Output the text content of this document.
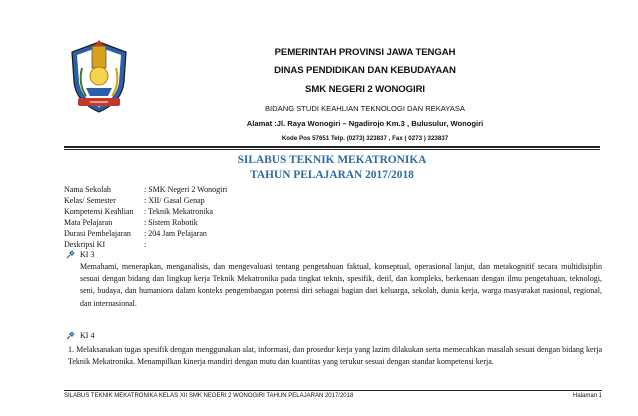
PEMERINTAH PROVINSI JAWA TENGAH
DINAS PENDIDIKAN DAN KEBUDAYAAN
SMK NEGERI 2 WONOGIRI
BIDANG STUDI KEAHLIAN TEKNOLOGI DAN REKAYASA
Alamat :Jl. Raya Wonogiri – Ngadirojo Km.3 , Bulusulur, Wonogiri
Kode Pos 57651 Telp. (0273) 323837 , Fax ( 0273 ) 323837
SILABUS TEKNIK MEKATRONIKA
TAHUN PELAJARAN 2017/2018
Nama Sekolah	: SMK Negeri 2 Wonogiri
Kelas/ Semester	: XII/ Gasal Genap
Kompetensi Keahlian	: Teknik Mekatronika
Mata Pelajaran	: Sistem Robotik
Durasi Pembelajaran	: 204 Jam Pelajaran
Deskripsi KI	:
KI 3
Memahami, menerapkan, menganalisis, dan mengevaluasi tentang pengetahuan faktual, konseptual, operasional lanjut, dan metakognitif secara multidisiplin sesuai dengan bidang dan lingkup kerja Teknik Mekatronika pada tingkat teknis, spesifik, detil, dan kompleks, berkenaan dengan ilmu pengetahuan, teknologi, seni, budaya, dan humaniora dalam konteks pengembangan potensi diri sebagai bagian dari keluarga, sekolah, dunia kerja, warga masyarakat nasional, regional, dan internasional.
KI 4
1. Melaksanakan tugas spesifik dengan menggunakan alat, informasi, dan prosedur kerja yang lazim dilakukan serta memecahkan masalah sesuai dengan bidang kerja Teknik Mekatronika. Menampilkan kinerja mandiri dengan mutu dan kuantitas yang terukur sesuai dengan standar kompetensi kerja.
SILABUS TEKNIK MEKATRONIKA KELAS XII SMK NEGERI 2 WONOGIRI TAHUN PELAJARAN 2017/2018	Halaman 1
